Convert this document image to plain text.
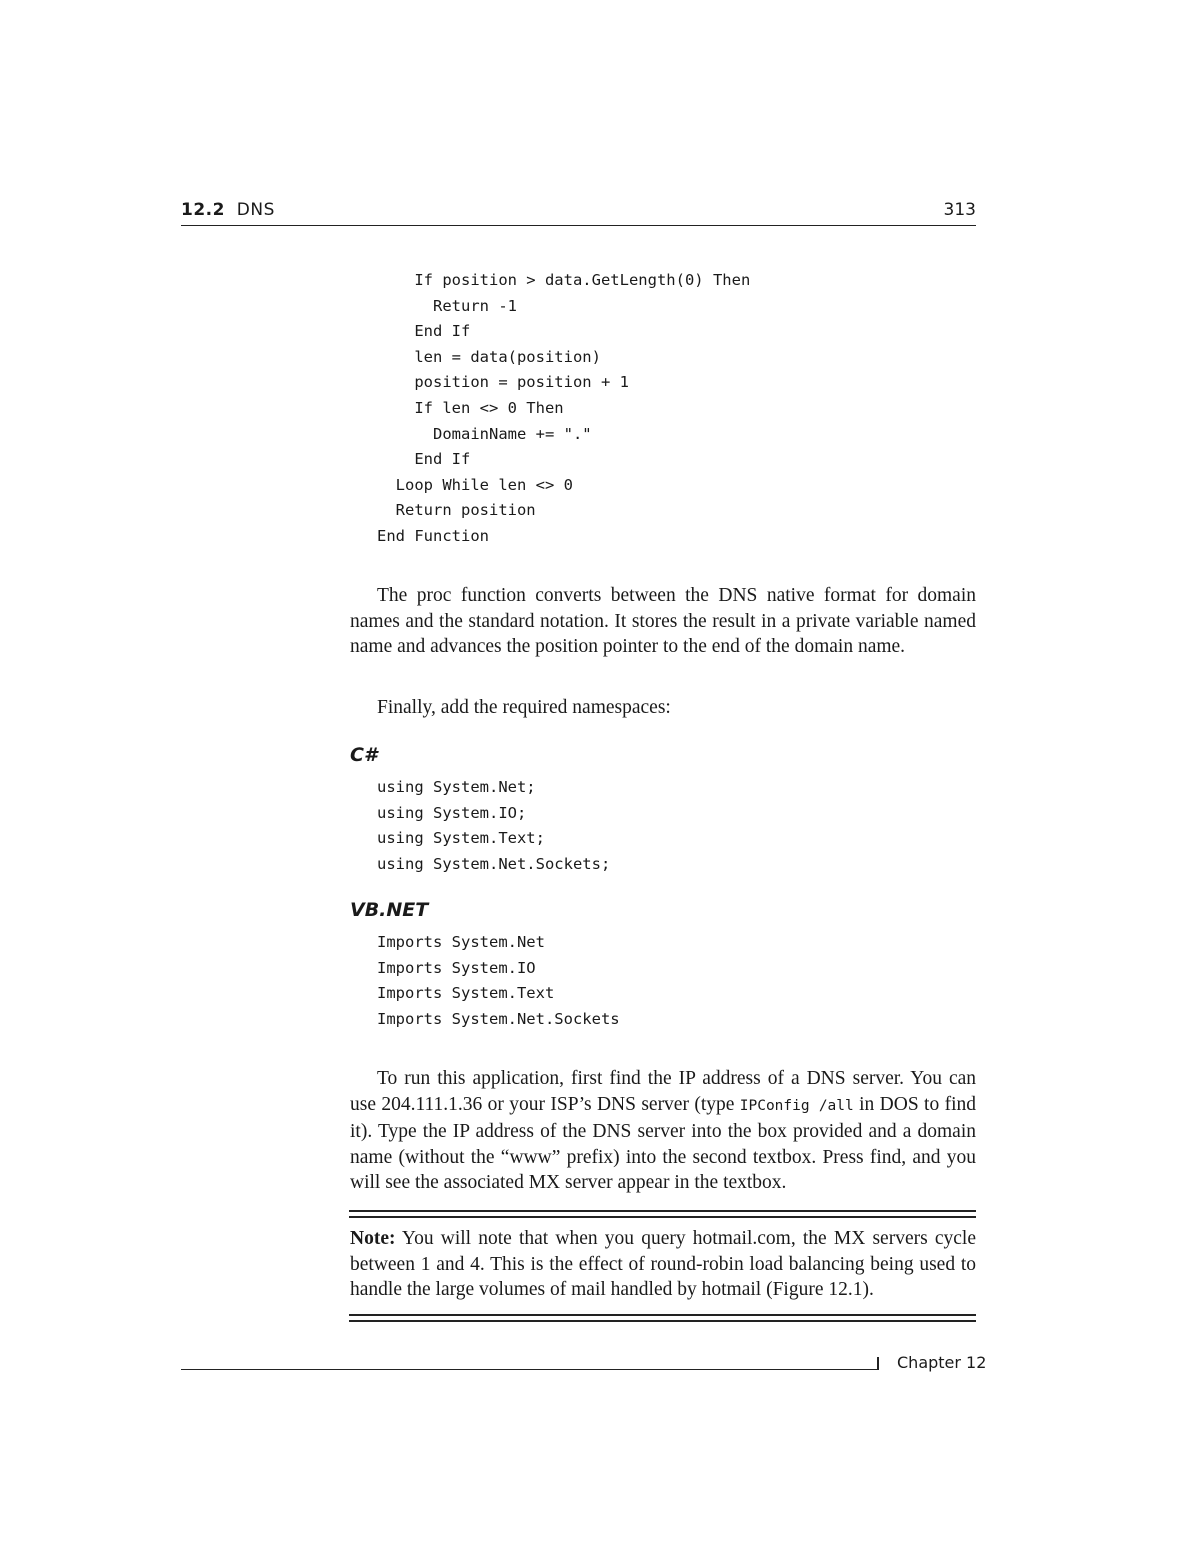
12.2 DNS	313
If position > data.GetLength(0) Then
Return -1
End If
len = data(position)
position = position + 1
If len <> 0 Then
DomainName += "."
End If
Loop While len <> 0
Return position
End Function

The proc function converts between the DNS native format for domain names and the standard notation. It stores the result in a private variable named name and advances the position pointer to the end of the domain name.

Finally, add the required namespaces:

C#
using System.Net;
using System.IO;
using System.Text;
using System.Net.Sockets;
VB.NET
Imports System.Net
Imports System.IO
Imports System.Text
Imports System.Net.Sockets

To run this application, first find the IP address of a DNS server. You can use 204.111.1.36 or your ISP’s DNS server (type IPConfig /all in DOS to find it). Type the IP address of the DNS server into the box provided and a domain name (without the “www” prefix) into the second textbox. Press find, and you will see the associated MX server appear in the textbox.

Note: You will note that when you query hotmail.com, the MX servers cycle between 1 and 4. This is the effect of round-robin load balancing being used to handle the large volumes of mail handled by hotmail (Figure 12.1).

Chapter 12
